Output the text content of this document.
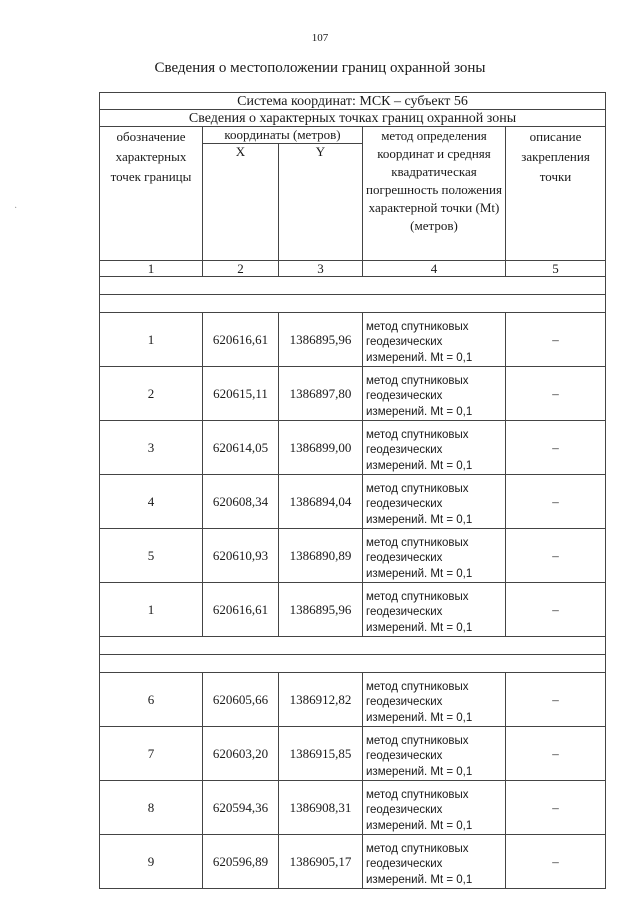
107
Сведения о местоположении границ охранной зоны
·
Система координат: МСК – субъект 56				
Сведения о характерных точках границ охранной зоны				
обозначение характерных точек границы	координаты (метров)		метод определения координат и средняя квадратическая погрешность положения характерной точки (Mt) (метров)	описание закрепления точки
	X	Y		
1	2	3	4	5

1	620616,61	1386895,96	метод спутниковых геодезических измерений. Mt = 0,1	–
2	620615,11	1386897,80	метод спутниковых геодезических измерений. Mt = 0,1	–
3	620614,05	1386899,00	метод спутниковых геодезических измерений. Mt = 0,1	–
4	620608,34	1386894,04	метод спутниковых геодезических измерений. Mt = 0,1	–
5	620610,93	1386890,89	метод спутниковых геодезических измерений. Mt = 0,1	–
1	620616,61	1386895,96	метод спутниковых геодезических измерений. Mt = 0,1	–

6	620605,66	1386912,82	метод спутниковых геодезических измерений. Mt = 0,1	–
7	620603,20	1386915,85	метод спутниковых геодезических измерений. Mt = 0,1	–
8	620594,36	1386908,31	метод спутниковых геодезических измерений. Mt = 0,1	–
9	620596,89	1386905,17	метод спутниковых геодезических измерений. Mt = 0,1	–
